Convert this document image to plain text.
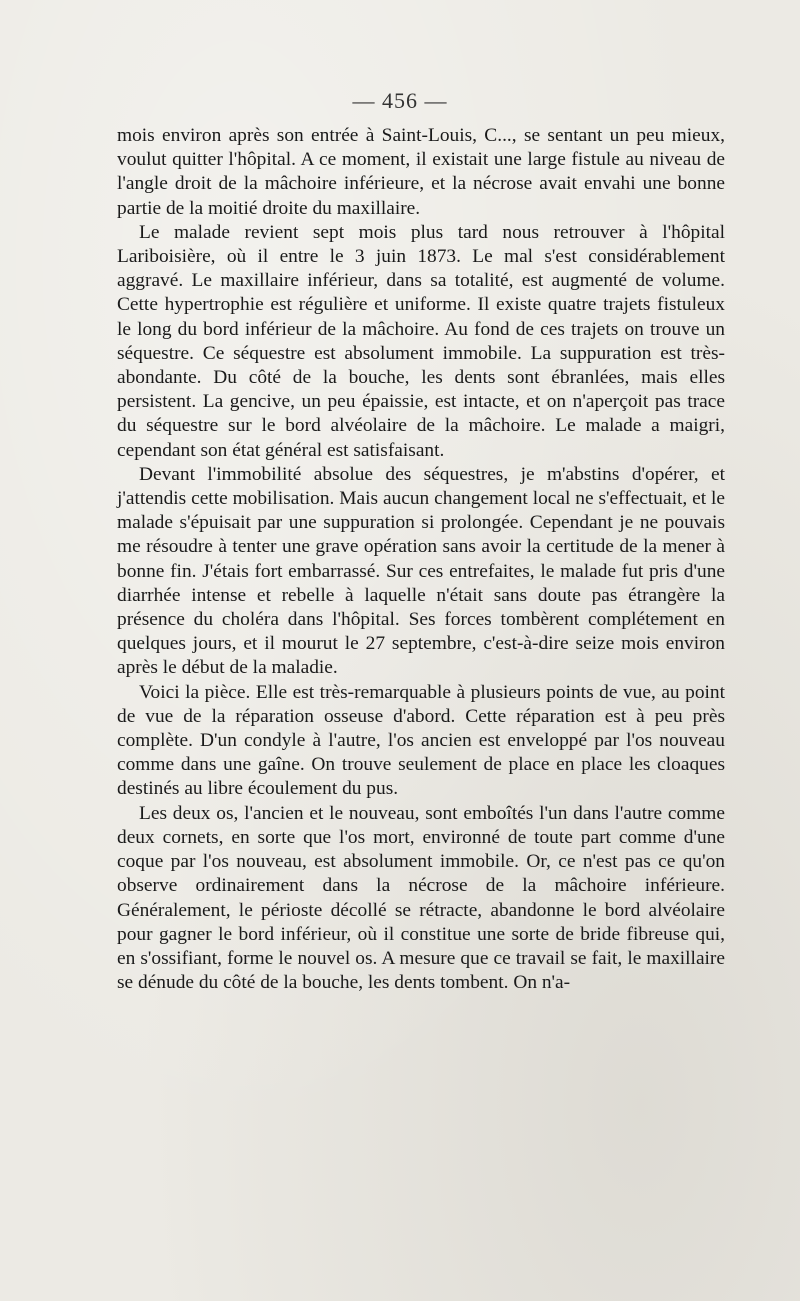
— 456 —

mois environ après son entrée à Saint-Louis, C..., se sentant un peu mieux, voulut quitter l'hôpital. A ce moment, il existait une large fistule au niveau de l'angle droit de la mâchoire inférieure, et la nécrose avait envahi une bonne partie de la moitié droite du maxillaire.

Le malade revient sept mois plus tard nous retrouver à l'hôpital Lariboisière, où il entre le 3 juin 1873. Le mal s'est considérablement aggravé. Le maxillaire inférieur, dans sa totalité, est augmenté de volume. Cette hypertrophie est régulière et uniforme. Il existe quatre trajets fistuleux le long du bord inférieur de la mâchoire. Au fond de ces trajets on trouve un séquestre. Ce séquestre est absolument immobile. La suppuration est très-abondante. Du côté de la bouche, les dents sont ébranlées, mais elles persistent. La gencive, un peu épaissie, est intacte, et on n'aperçoit pas trace du séquestre sur le bord alvéolaire de la mâchoire. Le malade a maigri, cependant son état général est satisfaisant.

Devant l'immobilité absolue des séquestres, je m'abstins d'opérer, et j'attendis cette mobilisation. Mais aucun changement local ne s'effectuait, et le malade s'épuisait par une suppuration si prolongée. Cependant je ne pouvais me résoudre à tenter une grave opération sans avoir la certitude de la mener à bonne fin. J'étais fort embarrassé. Sur ces entrefaites, le malade fut pris d'une diarrhée intense et rebelle à laquelle n'était sans doute pas étrangère la présence du choléra dans l'hôpital. Ses forces tombèrent complétement en quelques jours, et il mourut le 27 septembre, c'est-à-dire seize mois environ après le début de la maladie.

Voici la pièce. Elle est très-remarquable à plusieurs points de vue, au point de vue de la réparation osseuse d'abord. Cette réparation est à peu près complète. D'un condyle à l'autre, l'os ancien est enveloppé par l'os nouveau comme dans une gaîne. On trouve seulement de place en place les cloaques destinés au libre écoulement du pus.

Les deux os, l'ancien et le nouveau, sont emboîtés l'un dans l'autre comme deux cornets, en sorte que l'os mort, environné de toute part comme d'une coque par l'os nouveau, est absolument immobile. Or, ce n'est pas ce qu'on observe ordinairement dans la nécrose de la mâchoire inférieure. Généralement, le périoste décollé se rétracte, abandonne le bord alvéolaire pour gagner le bord inférieur, où il constitue une sorte de bride fibreuse qui, en s'ossifiant, forme le nouvel os. A mesure que ce travail se fait, le maxillaire se dénude du côté de la bouche, les dents tombent. On n'a-
